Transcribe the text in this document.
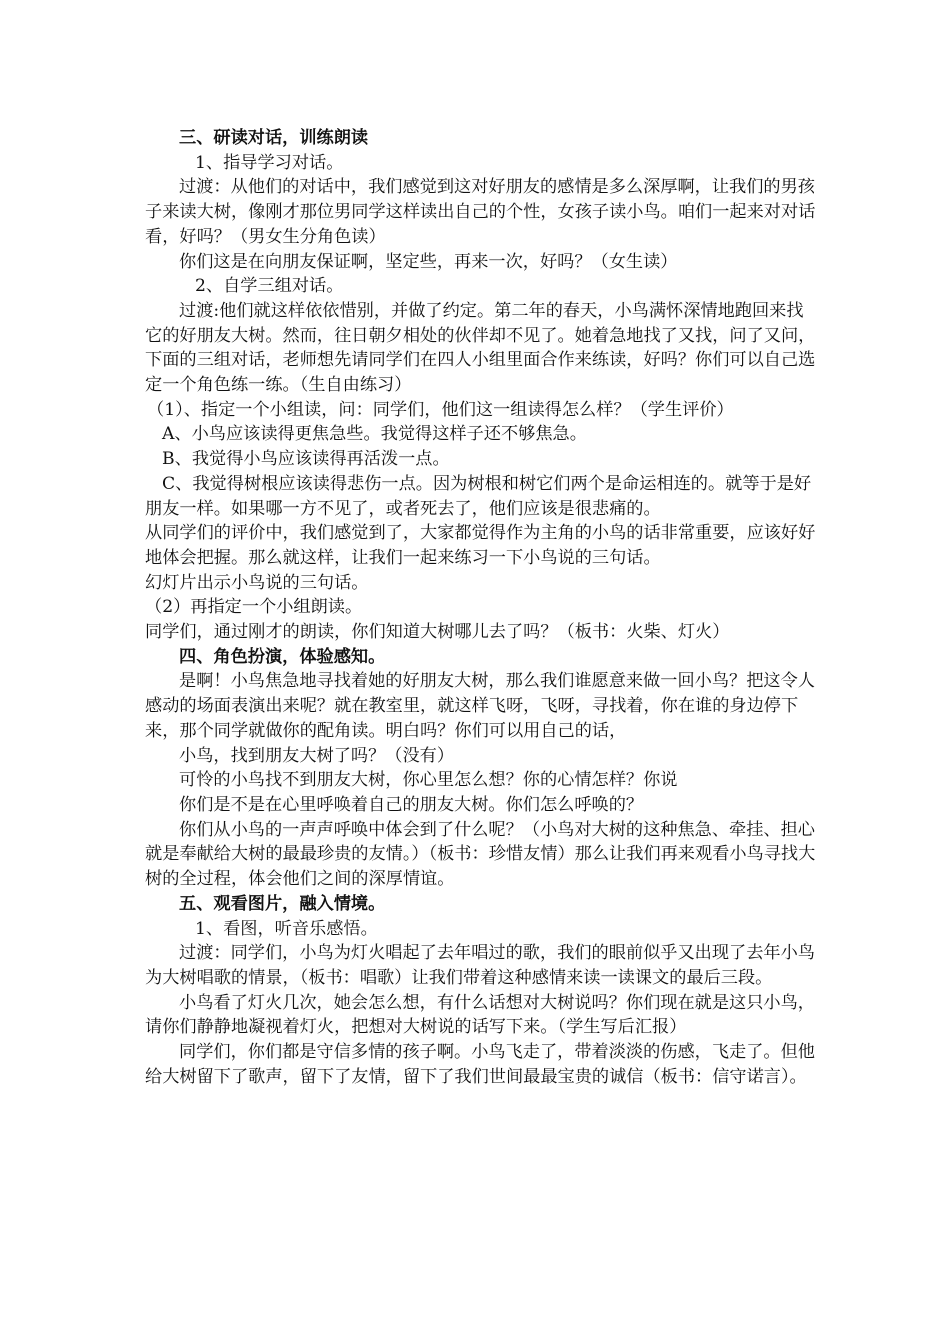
三、研读对话，训练朗读

1、指导学习对话。

过渡：从他们的对话中，我们感觉到这对好朋友的感情是多么深厚啊，让我们的男孩子来读大树，像刚才那位男同学这样读出自己的个性，女孩子读小鸟。咱们一起来对对话看，好吗？（男女生分角色读）

你们这是在向朋友保证啊，坚定些，再来一次，好吗？（女生读）

2、自学三组对话。

过渡:他们就这样依依惜别，并做了约定。第二年的春天，小鸟满怀深情地跑回来找它的好朋友大树。然而，往日朝夕相处的伙伴却不见了。她着急地找了又找，问了又问，下面的三组对话，老师想先请同学们在四人小组里面合作来练读，好吗？你们可以自己选定一个角色练一练。（生自由练习）

（1）、指定一个小组读，问：同学们，他们这一组读得怎么样？（学生评价）

A、小鸟应该读得更焦急些。我觉得这样子还不够焦急。

B、我觉得小鸟应该读得再活泼一点。

C、我觉得树根应该读得悲伤一点。因为树根和树它们两个是命运相连的。就等于是好朋友一样。如果哪一方不见了，或者死去了，他们应该是很悲痛的。

从同学们的评价中，我们感觉到了，大家都觉得作为主角的小鸟的话非常重要，应该好好地体会把握。那么就这样，让我们一起来练习一下小鸟说的三句话。

幻灯片出示小鸟说的三句话。

（2）再指定一个小组朗读。

同学们，通过刚才的朗读，你们知道大树哪儿去了吗？（板书：火柴、灯火）

四、角色扮演，体验感知。

是啊！小鸟焦急地寻找着她的好朋友大树，那么我们谁愿意来做一回小鸟？把这令人感动的场面表演出来呢？就在教室里，就这样飞呀，飞呀，寻找着，你在谁的身边停下来，那个同学就做你的配角读。明白吗？你们可以用自己的话，

小鸟，找到朋友大树了吗？（没有）

可怜的小鸟找不到朋友大树，你心里怎么想？你的心情怎样？你说

你们是不是在心里呼唤着自己的朋友大树。你们怎么呼唤的？

你们从小鸟的一声声呼唤中体会到了什么呢？（小鸟对大树的这种焦急、牵挂、担心就是奉献给大树的最最珍贵的友情。）（板书：珍惜友情）那么让我们再来观看小鸟寻找大树的全过程，体会他们之间的深厚情谊。

五、观看图片，融入情境。

1、看图，听音乐感悟。

过渡：同学们，小鸟为灯火唱起了去年唱过的歌，我们的眼前似乎又出现了去年小鸟为大树唱歌的情景，（板书：唱歌）让我们带着这种感情来读一读课文的最后三段。

小鸟看了灯火几次，她会怎么想，有什么话想对大树说吗？你们现在就是这只小鸟，请你们静静地凝视着灯火，把想对大树说的话写下来。（学生写后汇报）

同学们，你们都是守信多情的孩子啊。小鸟飞走了，带着淡淡的伤感，飞走了。但他给大树留下了歌声，留下了友情，留下了我们世间最最宝贵的诚信（板书：信守诺言）。
